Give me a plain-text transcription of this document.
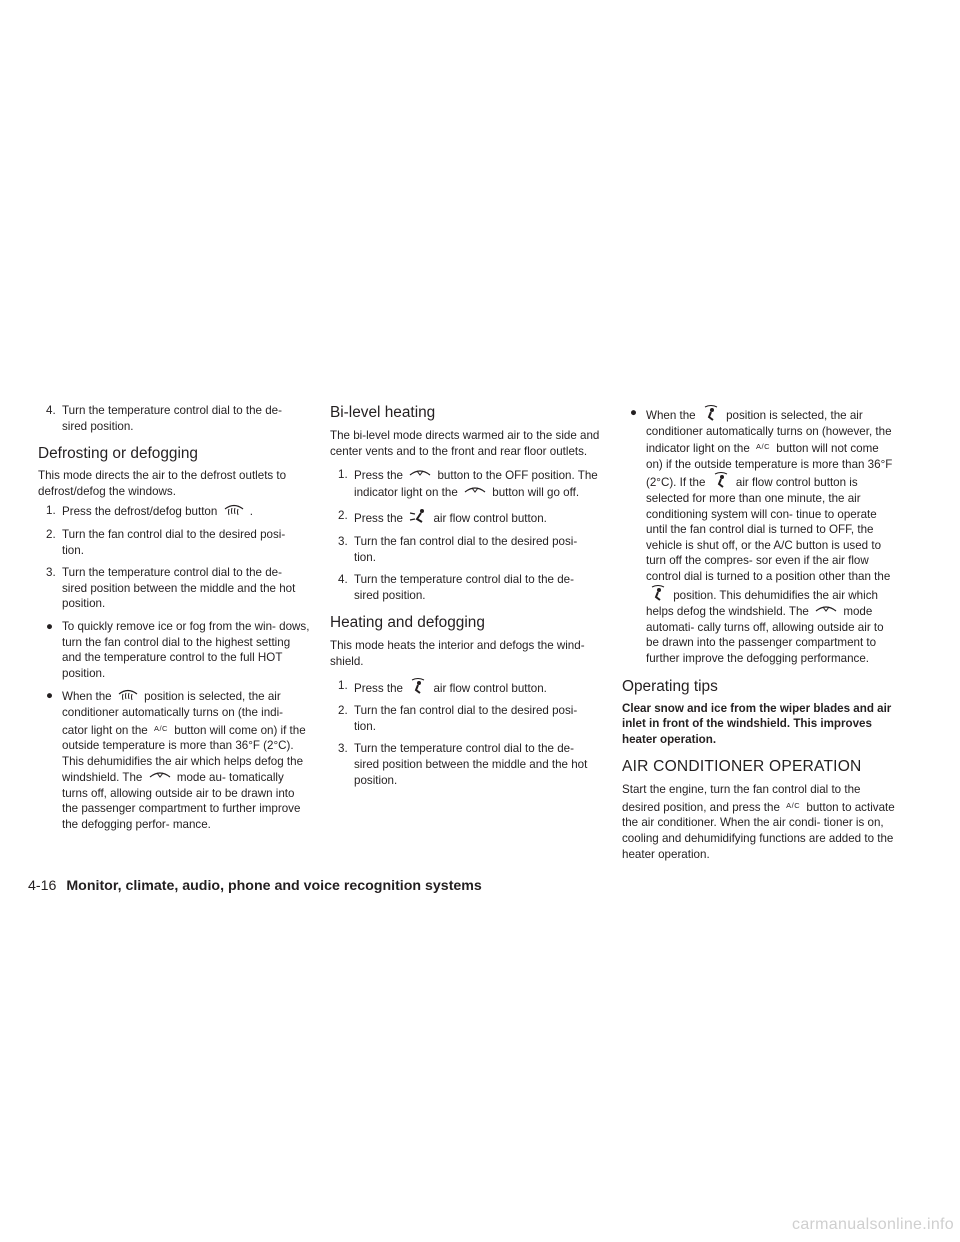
4. Turn the temperature control dial to the de- sired position.
Defrosting or defogging

This mode directs the air to the defrost outlets to defrost/defog the windows.

1. Press the defrost/defog button	.
2. Turn the fan control dial to the desired posi- tion.
3. Turn the temperature control dial to the de- sired position between the middle and the hot position.
● To quickly remove ice or fog from the win- dows, turn the fan control dial to the highest setting and the temperature control to the full HOT position.
● When the	position is selected, the air conditioner automatically turns on (the indi- cator light on the A/C button will come on) if the outside temperature is more than 36°F (2°C). This dehumidifies the air which helps defog the windshield. The	mode au- tomatically turns off, allowing outside air to be drawn into the passenger compartment to further improve the defogging perfor- mance.
Bi-level heating

The bi-level mode directs warmed air to the side and center vents and to the front and rear floor outlets.

1. Press the	button to the OFF position. The indicator light on the	button will go off.
2. Press the	air flow control button.
3. Turn the fan control dial to the desired posi- tion.
4. Turn the temperature control dial to the de- sired position.
Heating and defogging

This mode heats the interior and defogs the wind- shield.

1. Press the	air flow control button.
2. Turn the fan control dial to the desired posi- tion.
3. Turn the temperature control dial to the de- sired position between the middle and the hot position.
● When the	position is selected, the air conditioner automatically turns on (however, the indicator light on the A/C button will not come on) if the outside temperature is more than 36°F (2°C). If the	air flow control button is selected for more than one minute, the air conditioning system will con- tinue to operate until the fan control dial is turned to OFF, the vehicle is shut off, or the A/C button is used to turn off the compres- sor even if the air flow control dial is turned to a position other than the
position. This dehumidifies the air which helps defog the windshield. The	mode automati- cally turns off, allowing outside air to be drawn into the passenger compartment to further improve the defogging performance.
Operating tips

Clear snow and ice from the wiper blades and air inlet in front of the windshield. This improves heater operation.

AIR CONDITIONER OPERATION

Start the engine, turn the fan control dial to the desired position, and press the A/C button to activate the air conditioner. When the air condi- tioner is on, cooling and dehumidifying functions are added to the heater operation.

4-16 Monitor, climate, audio, phone and voice recognition systems
carmanualsonline.info
